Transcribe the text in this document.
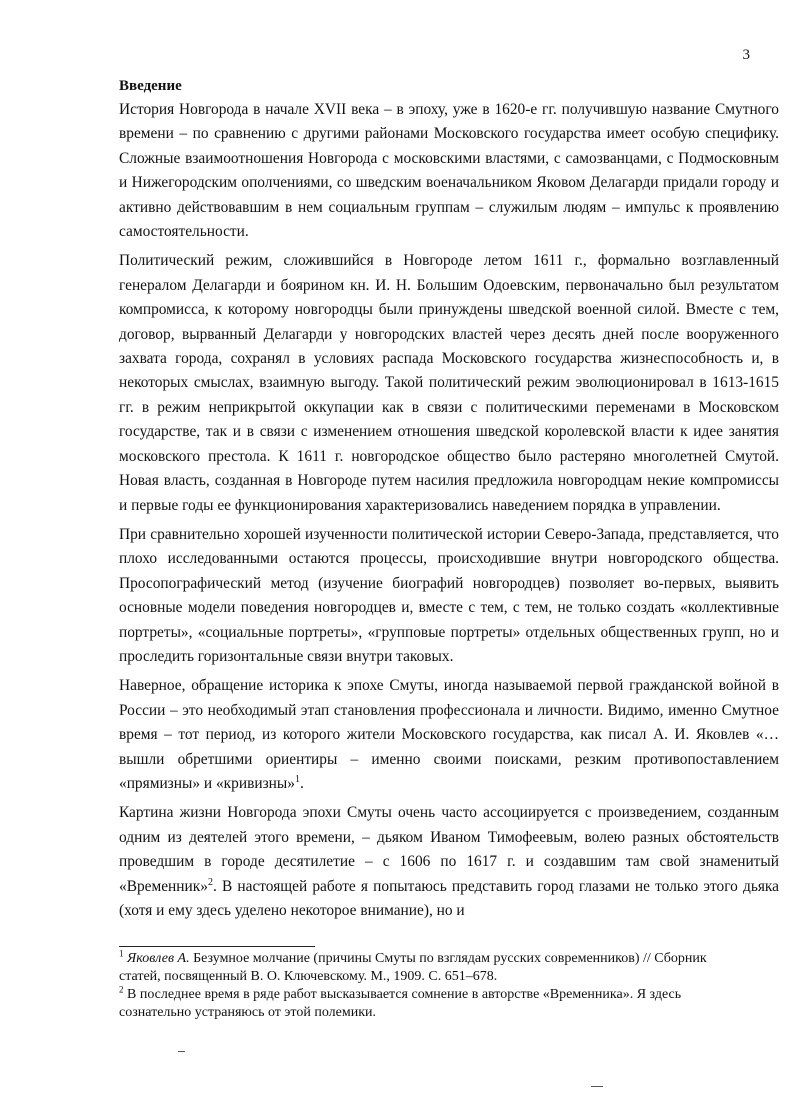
3

Введение

История Новгорода в начале XVII века – в эпоху, уже в 1620-е гг. получившую название Смутного времени – по сравнению с другими районами Московского государства имеет особую специфику. Сложные взаимоотношения Новгорода с московскими властями, с самозванцами, с Подмосковным и Нижегородским ополчениями, со шведским военачальником Яковом Делагарди придали городу и активно действовавшим в нем социальным группам – служилым людям – импульс к проявлению самостоятельности.

Политический режим, сложившийся в Новгороде летом 1611 г., формально возглавленный генералом Делагарди и боярином кн. И. Н. Большим Одоевским, первоначально был результатом компромисса, к которому новгородцы были принуждены шведской военной силой. Вместе с тем, договор, вырванный Делагарди у новгородских властей через десять дней после вооруженного захвата города, сохранял в условиях распада Московского государства жизнеспособность и, в некоторых смыслах, взаимную выгоду. Такой политический режим эволюционировал в 1613-1615 гг. в режим неприкрытой оккупации как в связи с политическими переменами в Московском государстве, так и в связи с изменением отношения шведской королевской власти к идее занятия московского престола. К 1611 г. новгородское общество было растеряно многолетней Смутой. Новая власть, созданная в Новгороде путем насилия предложила новгородцам некие компромиссы и первые годы ее функционирования характеризовались наведением порядка в управлении.

При сравнительно хорошей изученности политической истории Северо-Запада, представляется, что плохо исследованными остаются процессы, происходившие внутри новгородского общества. Просопографический метод (изучение биографий новгородцев) позволяет во-первых, выявить основные модели поведения новгородцев и, вместе с тем, с тем, не только создать «коллективные портреты», «социальные портреты», «групповые портреты» отдельных общественных групп, но и проследить горизонтальные связи внутри таковых.

Наверное, обращение историка к эпохе Смуты, иногда называемой первой гражданской войной в России – это необходимый этап становления профессионала и личности. Видимо, именно Смутное время – тот период, из которого жители Московского государства, как писал А. И. Яковлев «…вышли обретшими ориентиры – именно своими поисками, резким противопоставлением «прямизны» и «кривизны»$^1$.

Картина жизни Новгорода эпохи Смуты очень часто ассоциируется с произведением, созданным одним из деятелей этого времени, – дьяком Иваном Тимофеевым, волею разных обстоятельств проведшим в городе десятилетие – с 1606 по 1617 г. и создавшим там свой знаменитый «Временник»$^2$. В настоящей работе я попытаюсь представить город глазами не только этого дьяка (хотя и ему здесь уделено некоторое внимание), но и

$^1$ Яковлев А. Безумное молчание (причины Смуты по взглядам русских современников) // Сборник статей, посвященный В. О. Ключевскому. М., 1909. С. 651–678.

$^2$ В последнее время в ряде работ высказывается сомнение в авторстве «Временника». Я здесь сознательно устраняюсь от этой полемики.
